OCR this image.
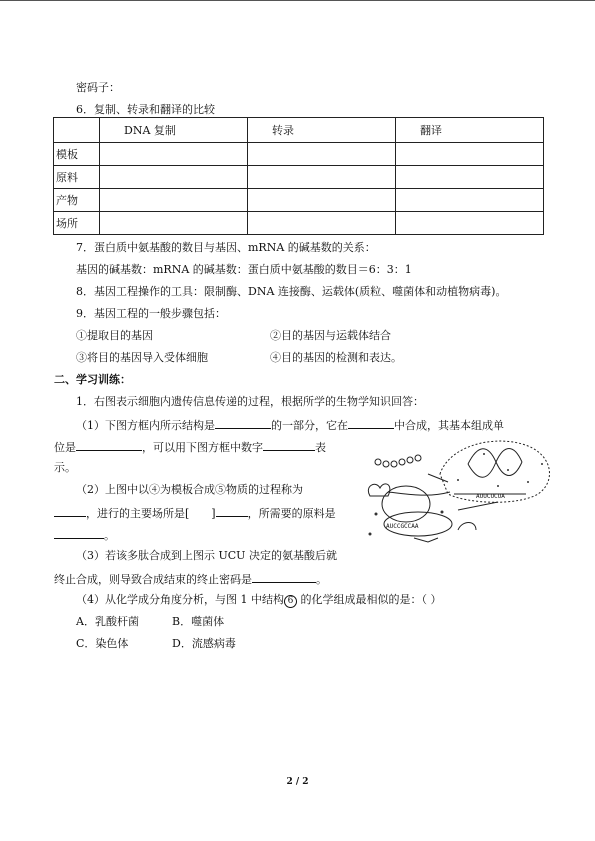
密码子：
6．复制、转录和翻译的比较
	DNA 复制	转录	翻译
模板			
原料			
产物			
场所			
7．蛋白质中氨基酸的数目与基因、mRNA 的碱基数的关系：
基因的碱基数：mRNA 的碱基数：蛋白质中氨基酸的数目＝6：3：1
8．基因工程操作的工具：限制酶、DNA 连接酶、运载体(质粒、噬菌体和动植物病毒)。
9．基因工程的一般步骤包括：
①提取目的基因	②目的基因与运载体结合
③将目的基因导入受体细胞	④目的基因的检测和表达。
二、学习训练：
1．右图表示细胞内遗传信息传递的过程，根据所学的生物学知识回答：
（1）下图方框内所示结构是	的一部分，它在	中合成，其基本组成单
位是	，可以用下图方框中数字	表
示。
（2）上图中以④为模板合成⑤物质的过程称为
，进行的主要场所是[ ]	，所需要的原料是
。
（3）若该多肽合成到上图示 UCU 决定的氨基酸后就
终止合成，则导致合成结束的终止密码是	。
（4）从化学成分角度分析，与图 1 中结构 6 的化学组成最相似的是：（ ）
A．乳酸杆菌	B．噬菌体
C．染色体	D．流感病毒
AUUCUCUA
AUCCGCCAA
2 / 2
